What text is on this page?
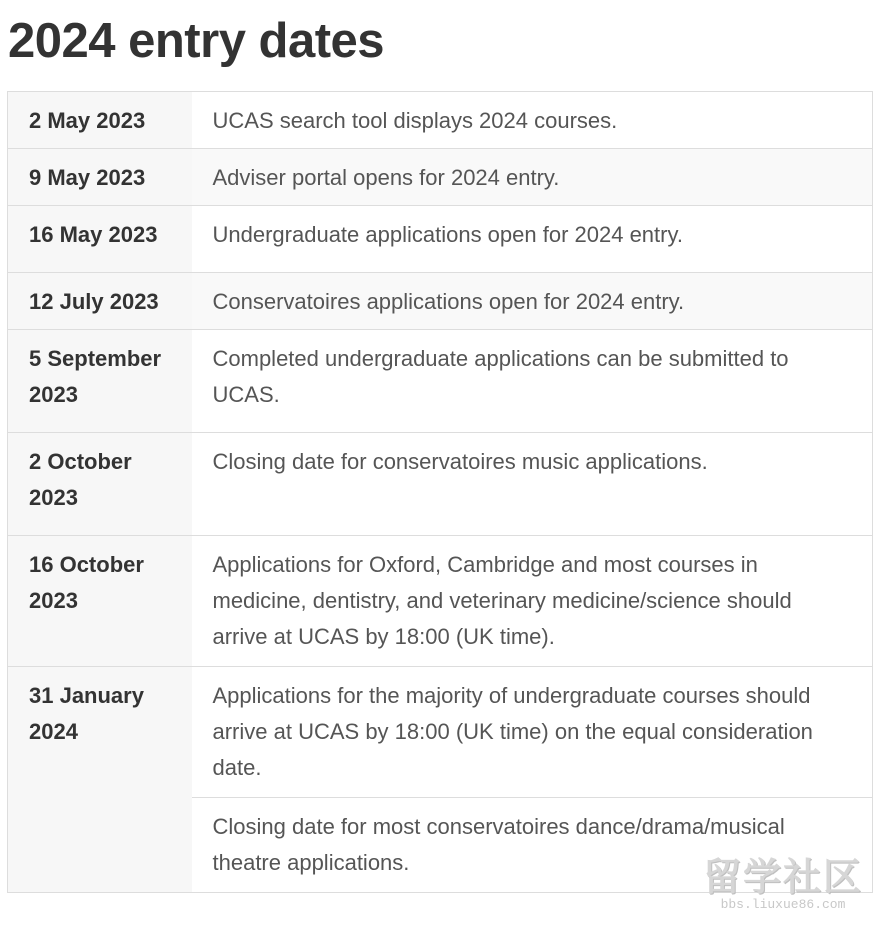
2024 entry dates
2 May 2023	UCAS search tool displays 2024 courses.
9 May 2023	Adviser portal opens for 2024 entry.
16 May 2023	Undergraduate applications open for 2024 entry.
12 July 2023	Conservatoires applications open for 2024 entry.
5 September 2023	Completed undergraduate applications can be submitted to UCAS.
2 October 2023	Closing date for conservatoires music applications.
16 October 2023	Applications for Oxford, Cambridge and most courses in medicine, dentistry, and veterinary medicine/science should arrive at UCAS by 18:00 (UK time).
31 January 2024	Applications for the majority of undergraduate courses should arrive at UCAS by 18:00 (UK time) on the equal consideration date.
	Closing date for most conservatoires dance/drama/musical theatre applications.	留学社区
bbs.liuxue86.com
